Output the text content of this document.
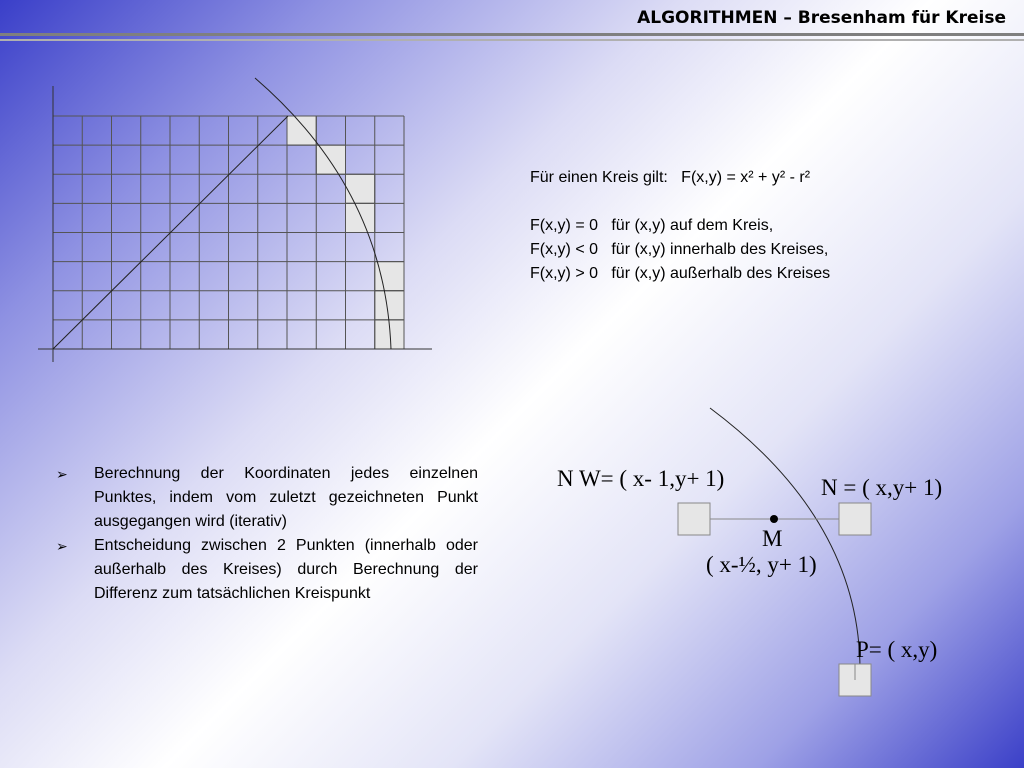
ALGORITHMEN – Bresenham für Kreise
Für einen Kreis gilt:   F(x,y) = x² + y² - r²
F(x,y) = 0   für (x,y) auf dem Kreis,
F(x,y) < 0   für (x,y) innerhalb des Kreises,
F(x,y) > 0   für (x,y) außerhalb des Kreises
➢	Berechnung der Koordinaten jedes einzelnen Punktes, indem vom zuletzt gezeichneten Punkt ausgegangen wird (iterativ)
➢	Entscheidung zwischen 2 Punkten (innerhalb oder außerhalb des Kreises) durch Berechnung der Differenz zum tatsächlichen Kreispunkt
N W= ( x- 1,y+ 1)	N = ( x,y+ 1)
M
( x-½, y+ 1)
P= ( x,y)
